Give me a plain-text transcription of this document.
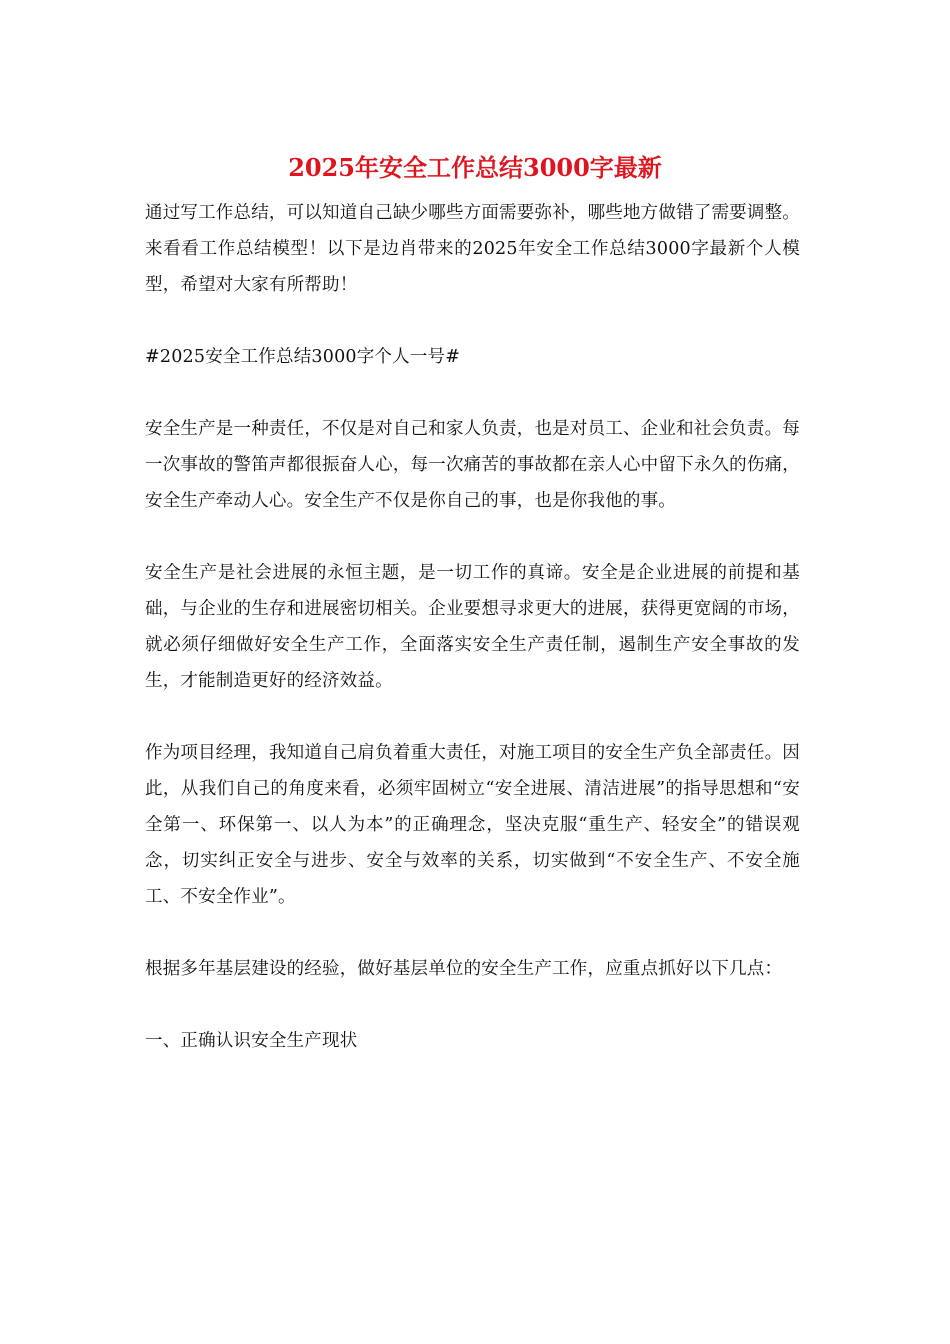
2025年安全工作总结3000字最新

通过写工作总结，可以知道自己缺少哪些方面需要弥补，哪些地方做错了需要调整。来看看工作总结模型！以下是边肖带来的2025年安全工作总结3000字最新个人模型，希望对大家有所帮助！

#2025安全工作总结3000字个人一号#

安全生产是一种责任，不仅是对自己和家人负责，也是对员工、企业和社会负责。每一次事故的警笛声都很振奋人心，每一次痛苦的事故都在亲人心中留下永久的伤痛，安全生产牵动人心。安全生产不仅是你自己的事，也是你我他的事。

安全生产是社会进展的永恒主题，是一切工作的真谛。安全是企业进展的前提和基础，与企业的生存和进展密切相关。企业要想寻求更大的进展，获得更宽阔的市场，就必须仔细做好安全生产工作，全面落实安全生产责任制，遏制生产安全事故的发生，才能制造更好的经济效益。

作为项目经理，我知道自己肩负着重大责任，对施工项目的安全生产负全部责任。因此，从我们自己的角度来看，必须牢固树立“安全进展、清洁进展”的指导思想和“安全第一、环保第一、以人为本”的正确理念，坚决克服“重生产、轻安全”的错误观念，切实纠正安全与进步、安全与效率的关系，切实做到“不安全生产、不安全施工、不安全作业”。

根据多年基层建设的经验，做好基层单位的安全生产工作，应重点抓好以下几点：

一、正确认识安全生产现状
